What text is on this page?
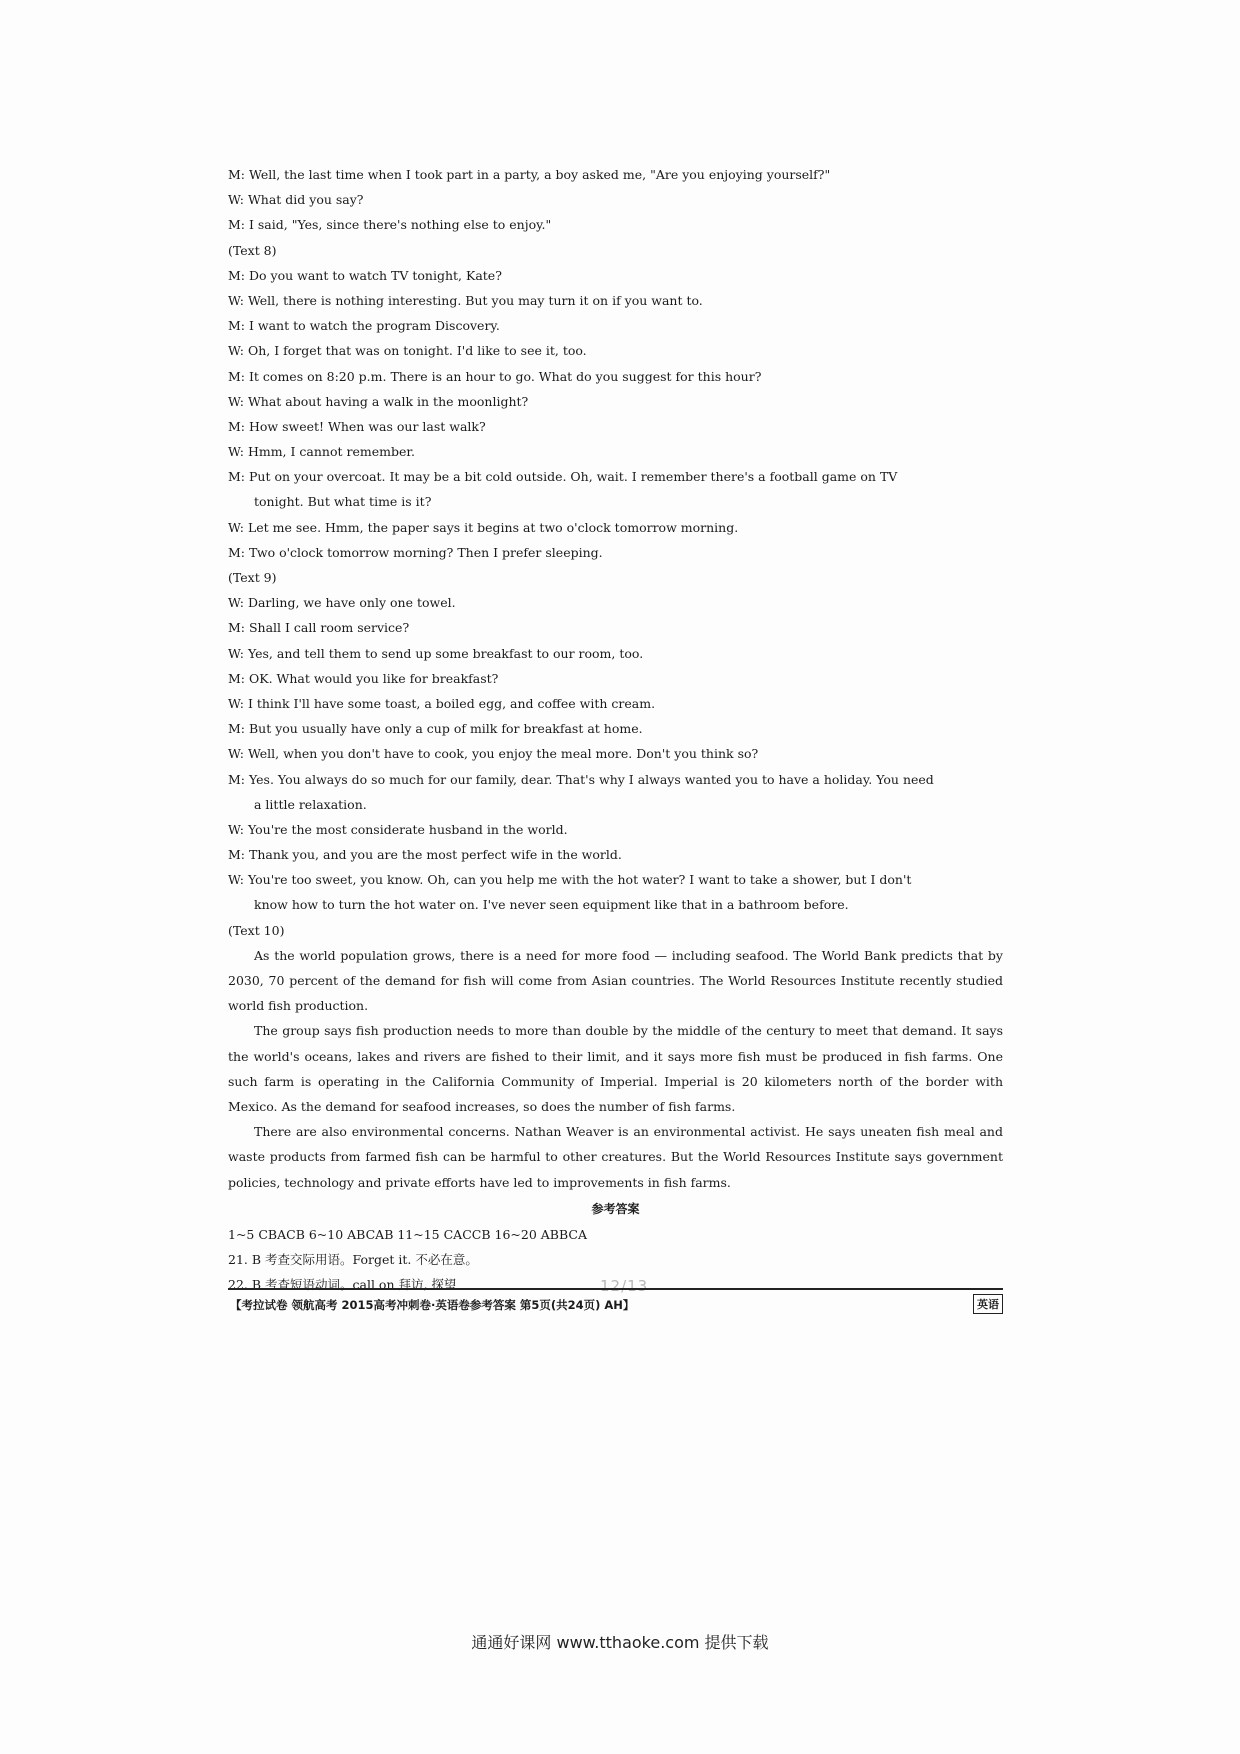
M: Well, the last time when I took part in a party, a boy asked me, "Are you enjoying yourself?"
W: What did you say?
M: I said, "Yes, since there's nothing else to enjoy."
(Text 8)
M: Do you want to watch TV tonight, Kate?
W: Well, there is nothing interesting. But you may turn it on if you want to.
M: I want to watch the program Discovery.
W: Oh, I forget that was on tonight. I'd like to see it, too.
M: It comes on 8:20 p.m. There is an hour to go. What do you suggest for this hour?
W: What about having a walk in the moonlight?
M: How sweet! When was our last walk?
W: Hmm, I cannot remember.
M: Put on your overcoat. It may be a bit cold outside. Oh, wait. I remember there's a football game on TV
tonight. But what time is it?
W: Let me see. Hmm, the paper says it begins at two o'clock tomorrow morning.
M: Two o'clock tomorrow morning? Then I prefer sleeping.
(Text 9)
W: Darling, we have only one towel.
M: Shall I call room service?
W: Yes, and tell them to send up some breakfast to our room, too.
M: OK. What would you like for breakfast?
W: I think I'll have some toast, a boiled egg, and coffee with cream.
M: But you usually have only a cup of milk for breakfast at home.
W: Well, when you don't have to cook, you enjoy the meal more. Don't you think so?
M: Yes. You always do so much for our family, dear. That's why I always wanted you to have a holiday. You need
a little relaxation.
W: You're the most considerate husband in the world.
M: Thank you, and you are the most perfect wife in the world.
W: You're too sweet, you know. Oh, can you help me with the hot water? I want to take a shower, but I don't
know how to turn the hot water on. I've never seen equipment like that in a bathroom before.
(Text 10)
As the world population grows, there is a need for more food — including seafood. The World Bank predicts that by 2030, 70 percent of the demand for fish will come from Asian countries. The World Resources Institute recently studied world fish production.
The group says fish production needs to more than double by the middle of the century to meet that demand. It says the world's oceans, lakes and rivers are fished to their limit, and it says more fish must be produced in fish farms. One such farm is operating in the California Community of Imperial. Imperial is 20 kilometers north of the border with Mexico. As the demand for seafood increases, so does the number of fish farms.
There are also environmental concerns. Nathan Weaver is an environmental activist. He says uneaten fish meal and waste products from farmed fish can be harmful to other creatures. But the World Resources Institute says government policies, technology and private efforts have led to improvements in fish farms.
参考答案
1~5 CBACB 6~10 ABCAB 11~15 CACCB 16~20 ABBCA
21. B 考查交际用语。Forget it. 不必在意。
22. B 考查短语动词。call on 拜访, 探望	12/13
【考拉试卷 领航高考 2015高考冲刺卷·英语卷参考答案 第5页(共24页) AH】	英语
通通好课网 www.tthaoke.com 提供下载
